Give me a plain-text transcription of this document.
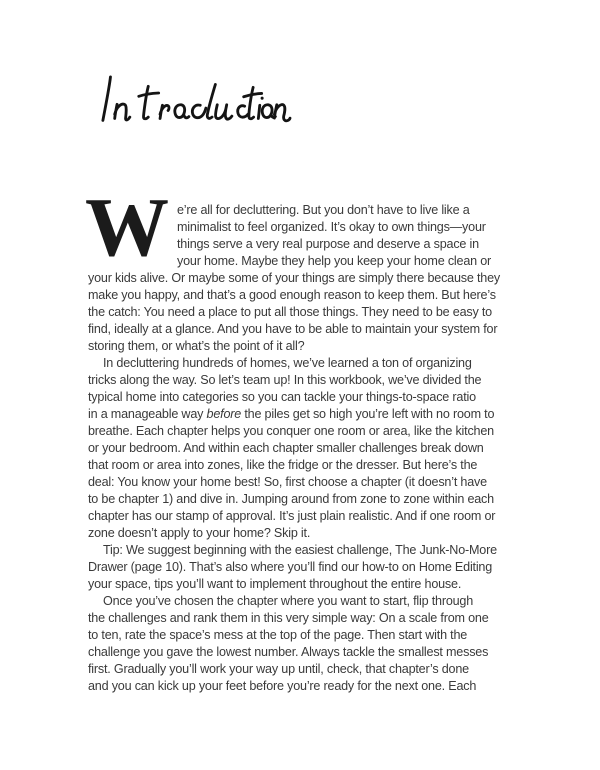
W e’re all for decluttering. But you don’t have to live like a
minimalist to feel organized. It’s okay to own things—your
things serve a very real purpose and deserve a space in
your home. Maybe they help you keep your home clean or
your kids alive. Or maybe some of your things are simply there because they
make you happy, and that’s a good enough reason to keep them. But here’s
the catch: You need a place to put all those things. They need to be easy to
find, ideally at a glance. And you have to be able to maintain your system for
storing them, or what’s the point of it all?
In decluttering hundreds of homes, we’ve learned a ton of organizing
tricks along the way. So let’s team up! In this workbook, we’ve divided the
typical home into categories so you can tackle your things-to-space ratio
in a manageable way before the piles get so high you’re left with no room to
breathe. Each chapter helps you conquer one room or area, like the kitchen
or your bedroom. And within each chapter smaller challenges break down
that room or area into zones, like the fridge or the dresser. But here’s the
deal: You know your home best! So, first choose a chapter (it doesn’t have
to be chapter 1) and dive in. Jumping around from zone to zone within each
chapter has our stamp of approval. It’s just plain realistic. And if one room or
zone doesn’t apply to your home? Skip it.
Tip: We suggest beginning with the easiest challenge, The Junk-No-More
Drawer (page 10). That’s also where you’ll find our how-to on Home Editing
your space, tips you’ll want to implement throughout the entire house.
Once you’ve chosen the chapter where you want to start, flip through
the challenges and rank them in this very simple way: On a scale from one
to ten, rate the space’s mess at the top of the page. Then start with the
challenge you gave the lowest number. Always tackle the smallest messes
first. Gradually you’ll work your way up until, check, that chapter’s done
and you can kick up your feet before you’re ready for the next one. Each
